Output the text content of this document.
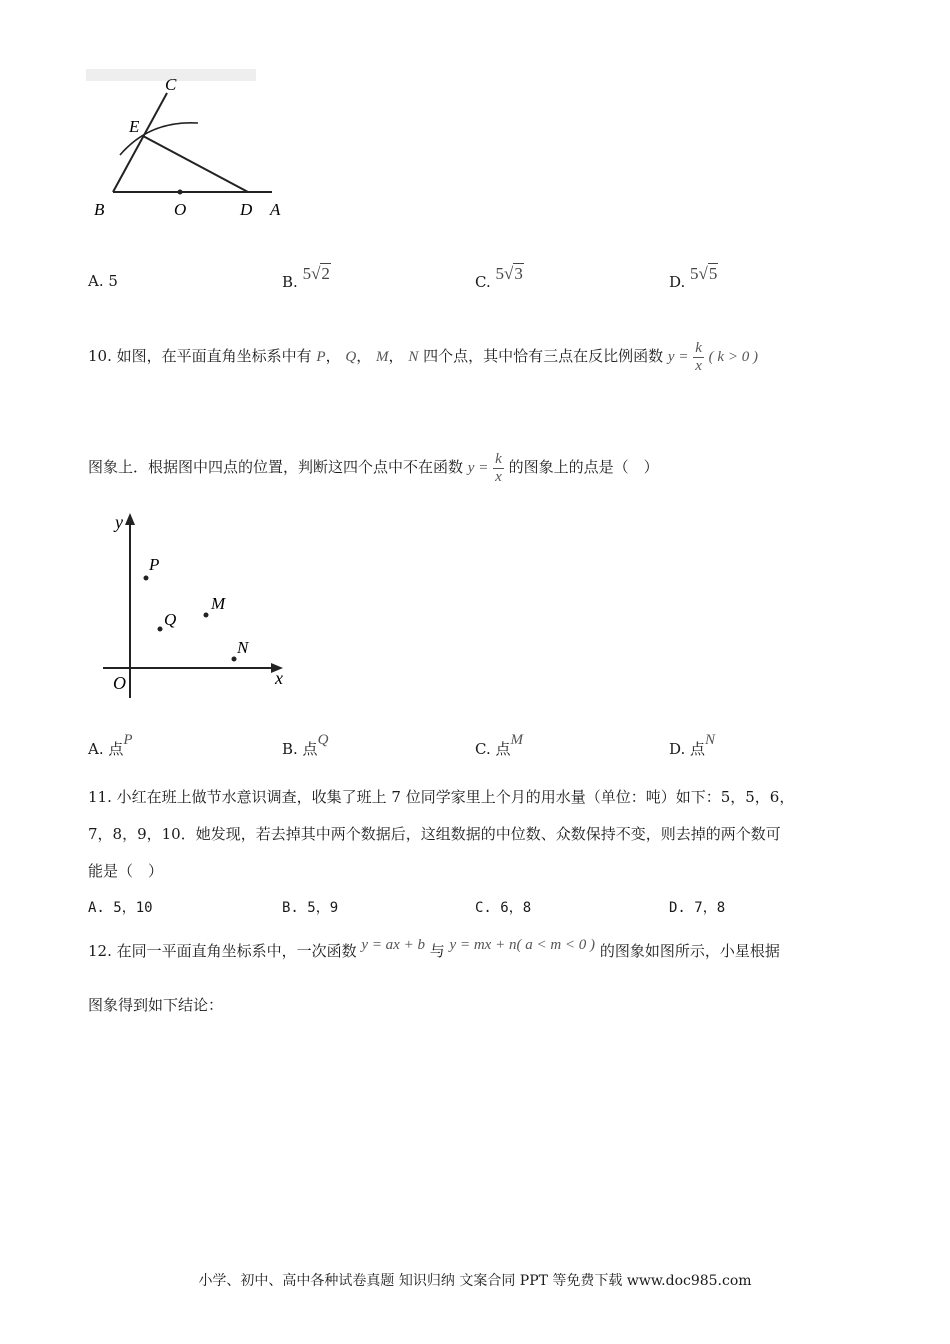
C
E
B	O	D A
A. 5	B. 5√2	C. 5√3	D. 5√5
10. 如图，在平面直角坐标系中有 P， Q， M， N 四个点，其中恰有三点在反比例函数 $y = \frac{k}{x}$ ( k > 0 )
图象上．根据图中四点的位置，判断这四个点中不在函数 $y = \frac{k}{x}$ 的图象上的点是（　）
y
x
O
P
Q
M
N
A. 点P	B. 点Q	C. 点M	D. 点N
11. 小红在班上做节水意识调查，收集了班上 7 位同学家里上个月的用水量（单位：吨）如下：5，5，6，
7，8，9，10．她发现，若去掉其中两个数据后，这组数据的中位数、众数保持不变，则去掉的两个数可
能是（　）
A. 5，10	B. 5，9	C. 6，8	D. 7，8
12. 在同一平面直角坐标系中，一次函数 y = ax + b 与 y = mx + n( a < m < 0 ) 的图象如图所示，小星根据
图象得到如下结论：
小学、初中、高中各种试卷真题 知识归纳 文案合同 PPT 等免费下载 www.doc985.com
